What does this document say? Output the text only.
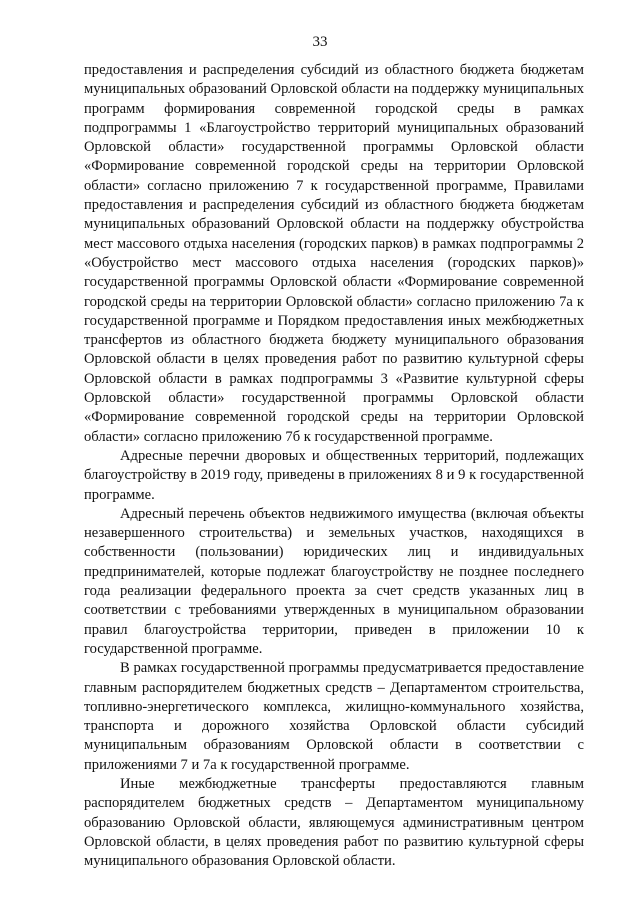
33

предоставления и распределения субсидий из областного бюджета бюджетам муниципальных образований Орловской области на поддержку муниципальных программ формирования современной городской среды в рамках подпрограммы 1 «Благоустройство территорий муниципальных образований Орловской области» государственной программы Орловской области «Формирование современной городской среды на территории Орловской области» согласно приложению 7 к государственной программе, Правилами предоставления и распределения субсидий из областного бюджета бюджетам муниципальных образований Орловской области на поддержку обустройства мест массового отдыха населения (городских парков) в рамках подпрограммы 2 «Обустройство мест массового отдыха населения (городских парков)» государственной программы Орловской области «Формирование современной городской среды на территории Орловской области» согласно приложению 7а к государственной программе и Порядком предоставления иных межбюджетных трансфертов из областного бюджета бюджету муниципального образования Орловской области в целях проведения работ по развитию культурной сферы Орловской области в рамках подпрограммы 3 «Развитие культурной сферы Орловской области» государственной программы Орловской области «Формирование современной городской среды на территории Орловской области» согласно приложению 7б к государственной программе.

Адресные перечни дворовых и общественных территорий, подлежащих благоустройству в 2019 году, приведены в приложениях 8 и 9 к государственной программе.

Адресный перечень объектов недвижимого имущества (включая объекты незавершенного строительства) и земельных участков, находящихся в собственности (пользовании) юридических лиц и индивидуальных предпринимателей, которые подлежат благоустройству не позднее последнего года реализации федерального проекта за счет средств указанных лиц в соответствии с требованиями утвержденных в муниципальном образовании правил благоустройства территории, приведен в приложении 10 к государственной программе.

В рамках государственной программы предусматривается предоставление главным распорядителем бюджетных средств – Департаментом строительства, топливно-энергетического комплекса, жилищно-коммунального хозяйства, транспорта и дорожного хозяйства Орловской области субсидий муниципальным образованиям Орловской области в соответствии с приложениями 7 и 7а к государственной программе.

Иные межбюджетные трансферты предоставляются главным распорядителем бюджетных средств – Департаментом муниципальному образованию Орловской области, являющемуся административным центром Орловской области, в целях проведения работ по развитию культурной сферы муниципального образования Орловской области.
